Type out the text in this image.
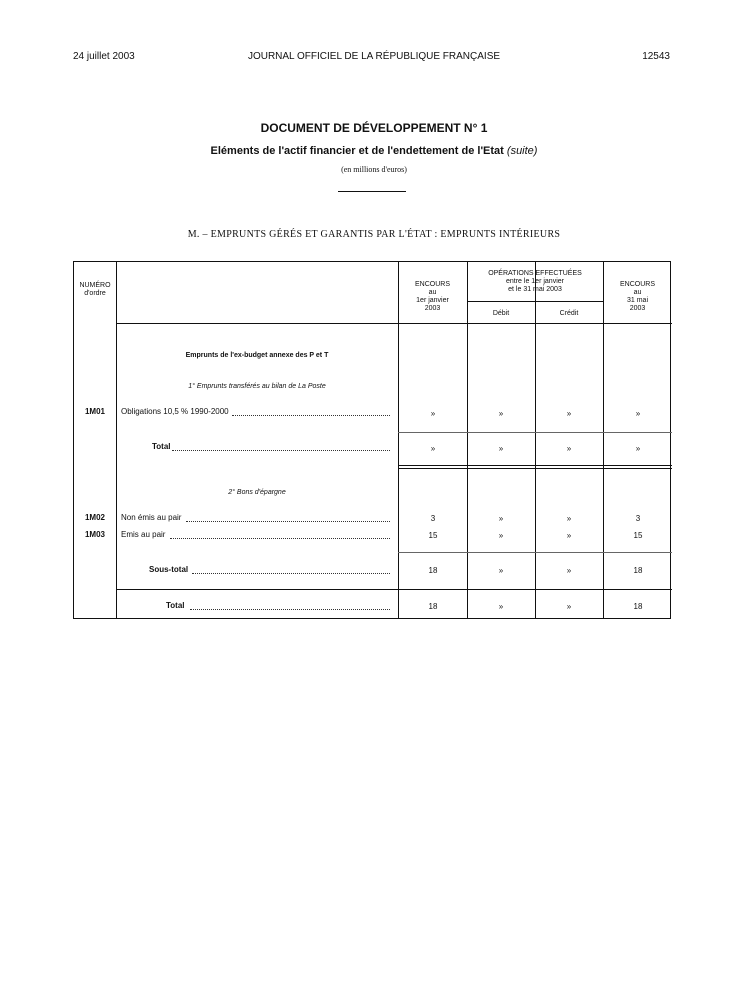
24 juillet 2003	JOURNAL OFFICIEL DE LA RÉPUBLIQUE FRANÇAISE	12543
DOCUMENT DE DÉVELOPPEMENT N° 1
Eléments de l'actif financier et de l'endettement de l'Etat (suite)
(en millions d'euros)
M. – EMPRUNTS GÉRÉS ET GARANTIS PAR L'ÉTAT : EMPRUNTS INTÉRIEURS
NUMÉRO
d'ordre
ENCOURS
au
1er janvier
2003
OPÉRATIONS EFFECTUÉES
entre le 1er janvier
et le 31 mai 2003
Débit	Crédit
ENCOURS
au
31 mai
2003
Emprunts de l'ex-budget annexe des P et T
1° Emprunts transférés au bilan de La Poste
1M01	Obligations 10,5 % 1990-2000	»	»	»	»
Total	»	»	»	»
2° Bons d'épargne
1M02	Non émis au pair	3	»	»	3
1M03	Emis au pair	15	»	»	15
Sous-total	18	»	»	18
Total	18	»	»	18
